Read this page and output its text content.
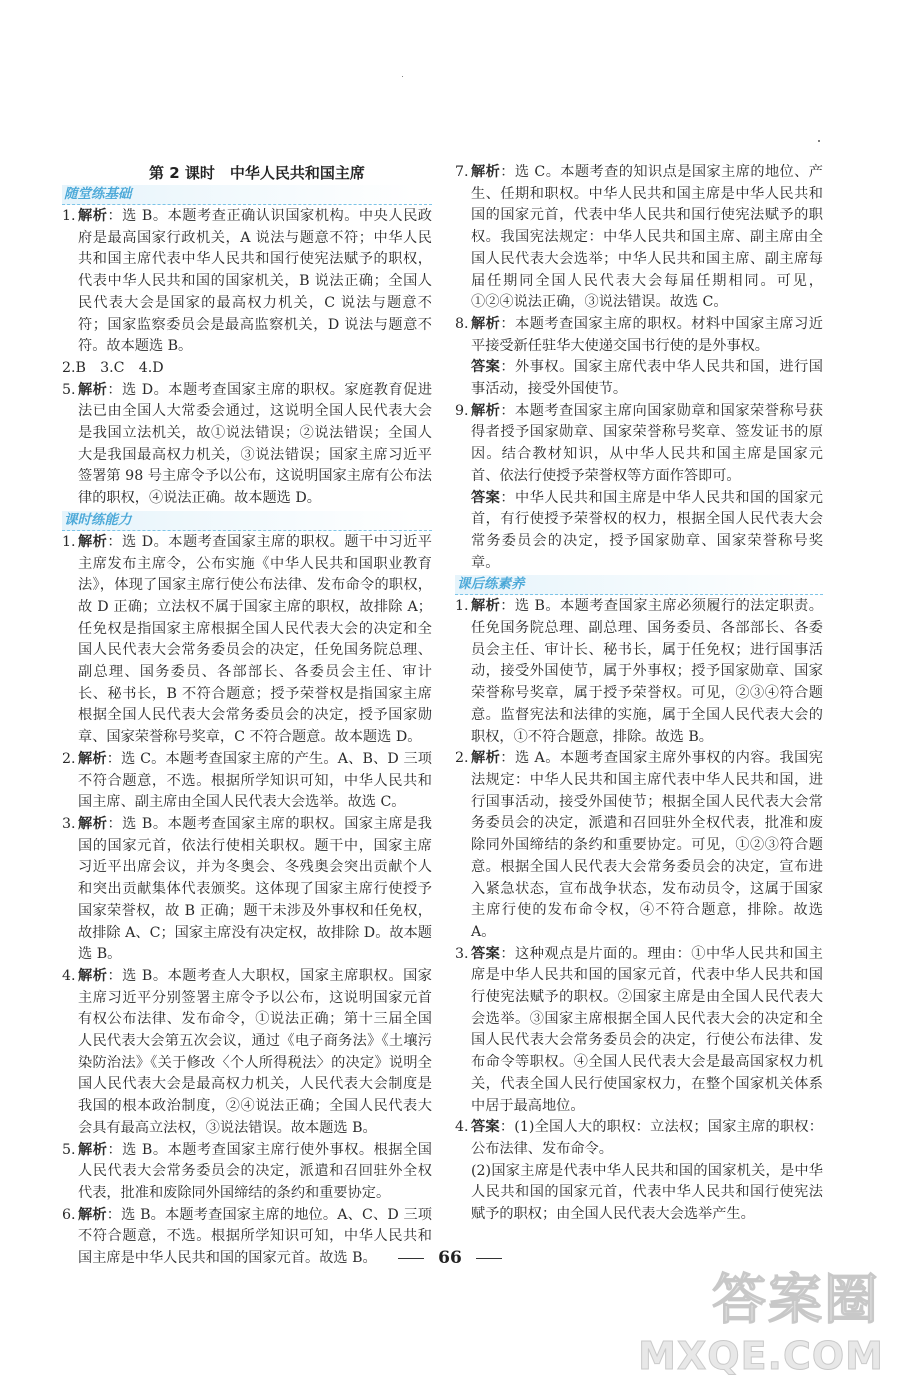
第 2 课时　中华人民共和国主席
随堂练基础
1. 解析：选 B。本题考查正确认识国家机构。中央人民政府是最高国家行政机关，A 说法与题意不符；中华人民共和国主席代表中华人民共和国行使宪法赋予的职权，代表中华人民共和国的国家机关，B 说法正确；全国人民代表大会是国家的最高权力机关，C 说法与题意不符；国家监察委员会是最高监察机关，D 说法与题意不符。故本题选 B。
2.B　3.C　4.D
5. 解析：选 D。本题考查国家主席的职权。家庭教育促进法已由全国人大常委会通过，这说明全国人民代表大会是我国立法机关，故①说法错误；②说法错误；全国人大是我国最高权力机关，③说法错误；国家主席习近平签署第 98 号主席令予以公布，这说明国家主席有公布法律的职权，④说法正确。故本题选 D。
课时练能力
1. 解析：选 D。本题考查国家主席的职权。题干中习近平主席发布主席令，公布实施《中华人民共和国职业教育法》，体现了国家主席行使公布法律、发布命令的职权，故 D 正确；立法权不属于国家主席的职权，故排除 A；任免权是指国家主席根据全国人民代表大会的决定和全国人民代表大会常务委员会的决定，任免国务院总理、副总理、国务委员、各部部长、各委员会主任、审计长、秘书长，B 不符合题意；授予荣誉权是指国家主席根据全国人民代表大会常务委员会的决定，授予国家勋章、国家荣誉称号奖章，C 不符合题意。故本题选 D。
2. 解析：选 C。本题考查国家主席的产生。A、B、D 三项不符合题意，不选。根据所学知识可知，中华人民共和国主席、副主席由全国人民代表大会选举。故选 C。
3. 解析：选 B。本题考查国家主席的职权。国家主席是我国的国家元首，依法行使相关职权。题干中，国家主席习近平出席会议，并为冬奥会、冬残奥会突出贡献个人和突出贡献集体代表颁奖。这体现了国家主席行使授予国家荣誉权，故 B 正确；题干未涉及外事权和任免权，故排除 A、C；国家主席没有决定权，故排除 D。故本题选 B。
4. 解析：选 B。本题考查人大职权，国家主席职权。国家主席习近平分别签署主席令予以公布，这说明国家元首有权公布法律、发布命令，①说法正确；第十三届全国人民代表大会第五次会议，通过《电子商务法》《土壤污染防治法》《关于修改〈个人所得税法〉的决定》说明全国人民代表大会是最高权力机关，人民代表大会制度是我国的根本政治制度，②④说法正确；全国人民代表大会具有最高立法权，③说法错误。故本题选 B。
5. 解析：选 B。本题考查国家主席行使外事权。根据全国人民代表大会常务委员会的决定，派遣和召回驻外全权代表，批准和废除同外国缔结的条约和重要协定。
6. 解析：选 B。本题考查国家主席的地位。A、C、D 三项不符合题意，不选。根据所学知识可知，中华人民共和国主席是中华人民共和国的国家元首。故选 B。
7. 解析：选 C。本题考查的知识点是国家主席的地位、产生、任期和职权。中华人民共和国主席是中华人民共和国的国家元首，代表中华人民共和国行使宪法赋予的职权。我国宪法规定：中华人民共和国主席、副主席由全国人民代表大会选举；中华人民共和国主席、副主席每届任期同全国人民代表大会每届任期相同。可见，①②④说法正确，③说法错误。故选 C。
8. 解析：本题考查国家主席的职权。材料中国家主席习近平接受新任驻华大使递交国书行使的是外事权。
答案：外事权。国家主席代表中华人民共和国，进行国事活动，接受外国使节。
9. 解析：本题考查国家主席向国家勋章和国家荣誉称号获得者授予国家勋章、国家荣誉称号奖章、签发证书的原因。结合教材知识，从中华人民共和国主席是国家元首、依法行使授予荣誉权等方面作答即可。
答案：中华人民共和国主席是中华人民共和国的国家元首，有行使授予荣誉权的权力，根据全国人民代表大会常务委员会的决定，授予国家勋章、国家荣誉称号奖章。
课后练素养
1. 解析：选 B。本题考查国家主席必须履行的法定职责。任免国务院总理、副总理、国务委员、各部部长、各委员会主任、审计长、秘书长，属于任免权；进行国事活动，接受外国使节，属于外事权；授予国家勋章、国家荣誉称号奖章，属于授予荣誉权。可见，②③④符合题意。监督宪法和法律的实施，属于全国人民代表大会的职权，①不符合题意，排除。故选 B。
2. 解析：选 A。本题考查国家主席外事权的内容。我国宪法规定：中华人民共和国主席代表中华人民共和国，进行国事活动，接受外国使节；根据全国人民代表大会常务委员会的决定，派遣和召回驻外全权代表，批准和废除同外国缔结的条约和重要协定。可见，①②③符合题意。根据全国人民代表大会常务委员会的决定，宣布进入紧急状态，宣布战争状态，发布动员令，这属于国家主席行使的发布命令权，④不符合题意，排除。故选 A。
3. 答案：这种观点是片面的。理由：①中华人民共和国主席是中华人民共和国的国家元首，代表中华人民共和国行使宪法赋予的职权。②国家主席是由全国人民代表大会选举。③国家主席根据全国人民代表大会的决定和全国人民代表大会常务委员会的决定，行使公布法律、发布命令等职权。④全国人民代表大会是最高国家权力机关，代表全国人民行使国家权力，在整个国家机关体系中居于最高地位。
4. 答案：(1)全国人大的职权：立法权；国家主席的职权：公布法律、发布命令。
(2)国家主席是代表中华人民共和国的国家机关，是中华人民共和国的国家元首，代表中华人民共和国行使宪法赋予的职权；由全国人民代表大会选举产生。
66
答案圈
MXQE.COM
